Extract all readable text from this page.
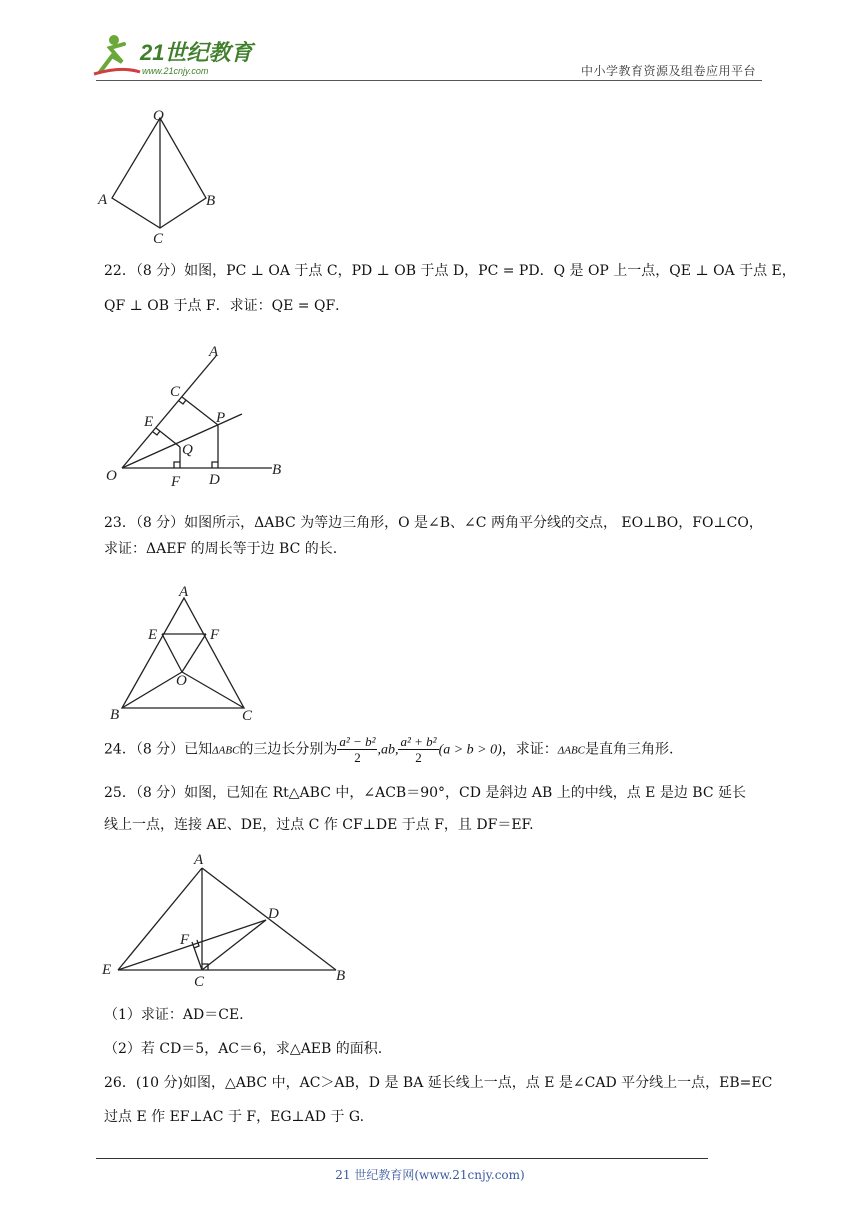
21世纪教育
www.21cnjy.com	中小学教育资源及组卷应用平台
O
A	B
C
22．（8 分）如图，PC ⊥ OA 于点 C，PD ⊥ OB 于点 D，PC = PD．Q 是 OP 上一点，QE ⊥ OA 于点 E，
QF ⊥ OB 于点 F．求证：QE = QF．
A
C
E	P
Q
O	F D
B
23．（8 分）如图所示，ΔABC 为等边三角形，O 是∠B、∠C 两角平分线的交点， EO⊥BO，FO⊥CO，
求证：ΔAEF 的周长等于边 BC 的长.
A
E	F
O
B	C
24．（8 分）已知ΔABC的三边长分别为 $\frac{\text{a² − b²}}{2} ,ab$, $\frac{\text{a² + b²}}{2} (a > b > 0)$，求证：ΔABC是直角三角形.
25．（8 分）如图，已知在 Rt△ABC 中，∠ACB＝90°，CD 是斜边 AB 上的中线，点 E 是边 BC 延长
线上一点，连接 AE、DE，过点 C 作 CF⊥DE 于点 F，且 DF＝EF.
A
D
F
E
C	B
（1）求证：AD＝CE.
（2）若 CD＝5，AC＝6，求△AEB 的面积.
26．(10 分)如图，△ABC 中，AC＞AB，D 是 BA 延长线上一点，点 E 是∠CAD 平分线上一点，EB=EC
过点 E 作 EF⊥AC 于 F，EG⊥AD 于 G.
21 世纪教育网(www.21cnjy.com)
